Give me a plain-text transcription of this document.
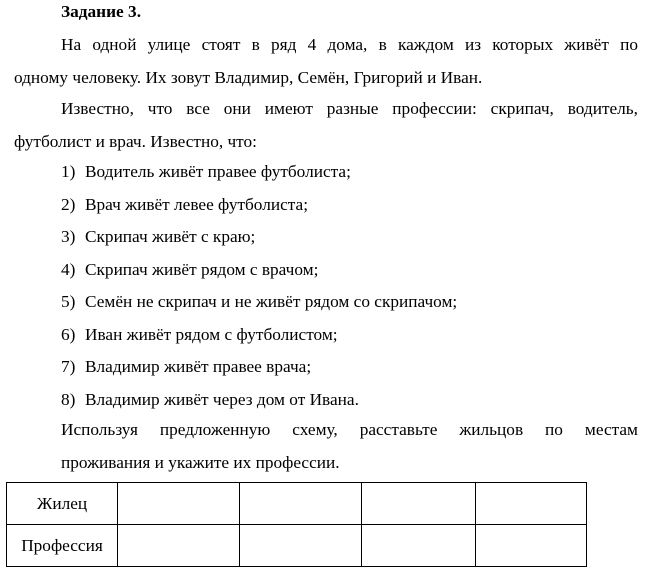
Задание 3.
На одной улице стоят в ряд 4 дома, в каждом из которых живёт по
одному человеку. Их зовут Владимир, Семён, Григорий и Иван.
Известно, что все они имеют разные профессии: скрипач, водитель,
футболист и врач. Известно, что:
1) Водитель живёт правее футболиста;
2) Врач живёт левее футболиста;
3) Скрипач живёт с краю;
4) Скрипач живёт рядом с врачом;
5) Семён не скрипач и не живёт рядом со скрипачом;
6) Иван живёт рядом с футболистом;
7) Владимир живёт правее врача;
8) Владимир живёт через дом от Ивана.
Используя предложенную схему, расставьте жильцов по местам
проживания и укажите их профессии.
Жилец				
Профессия				
